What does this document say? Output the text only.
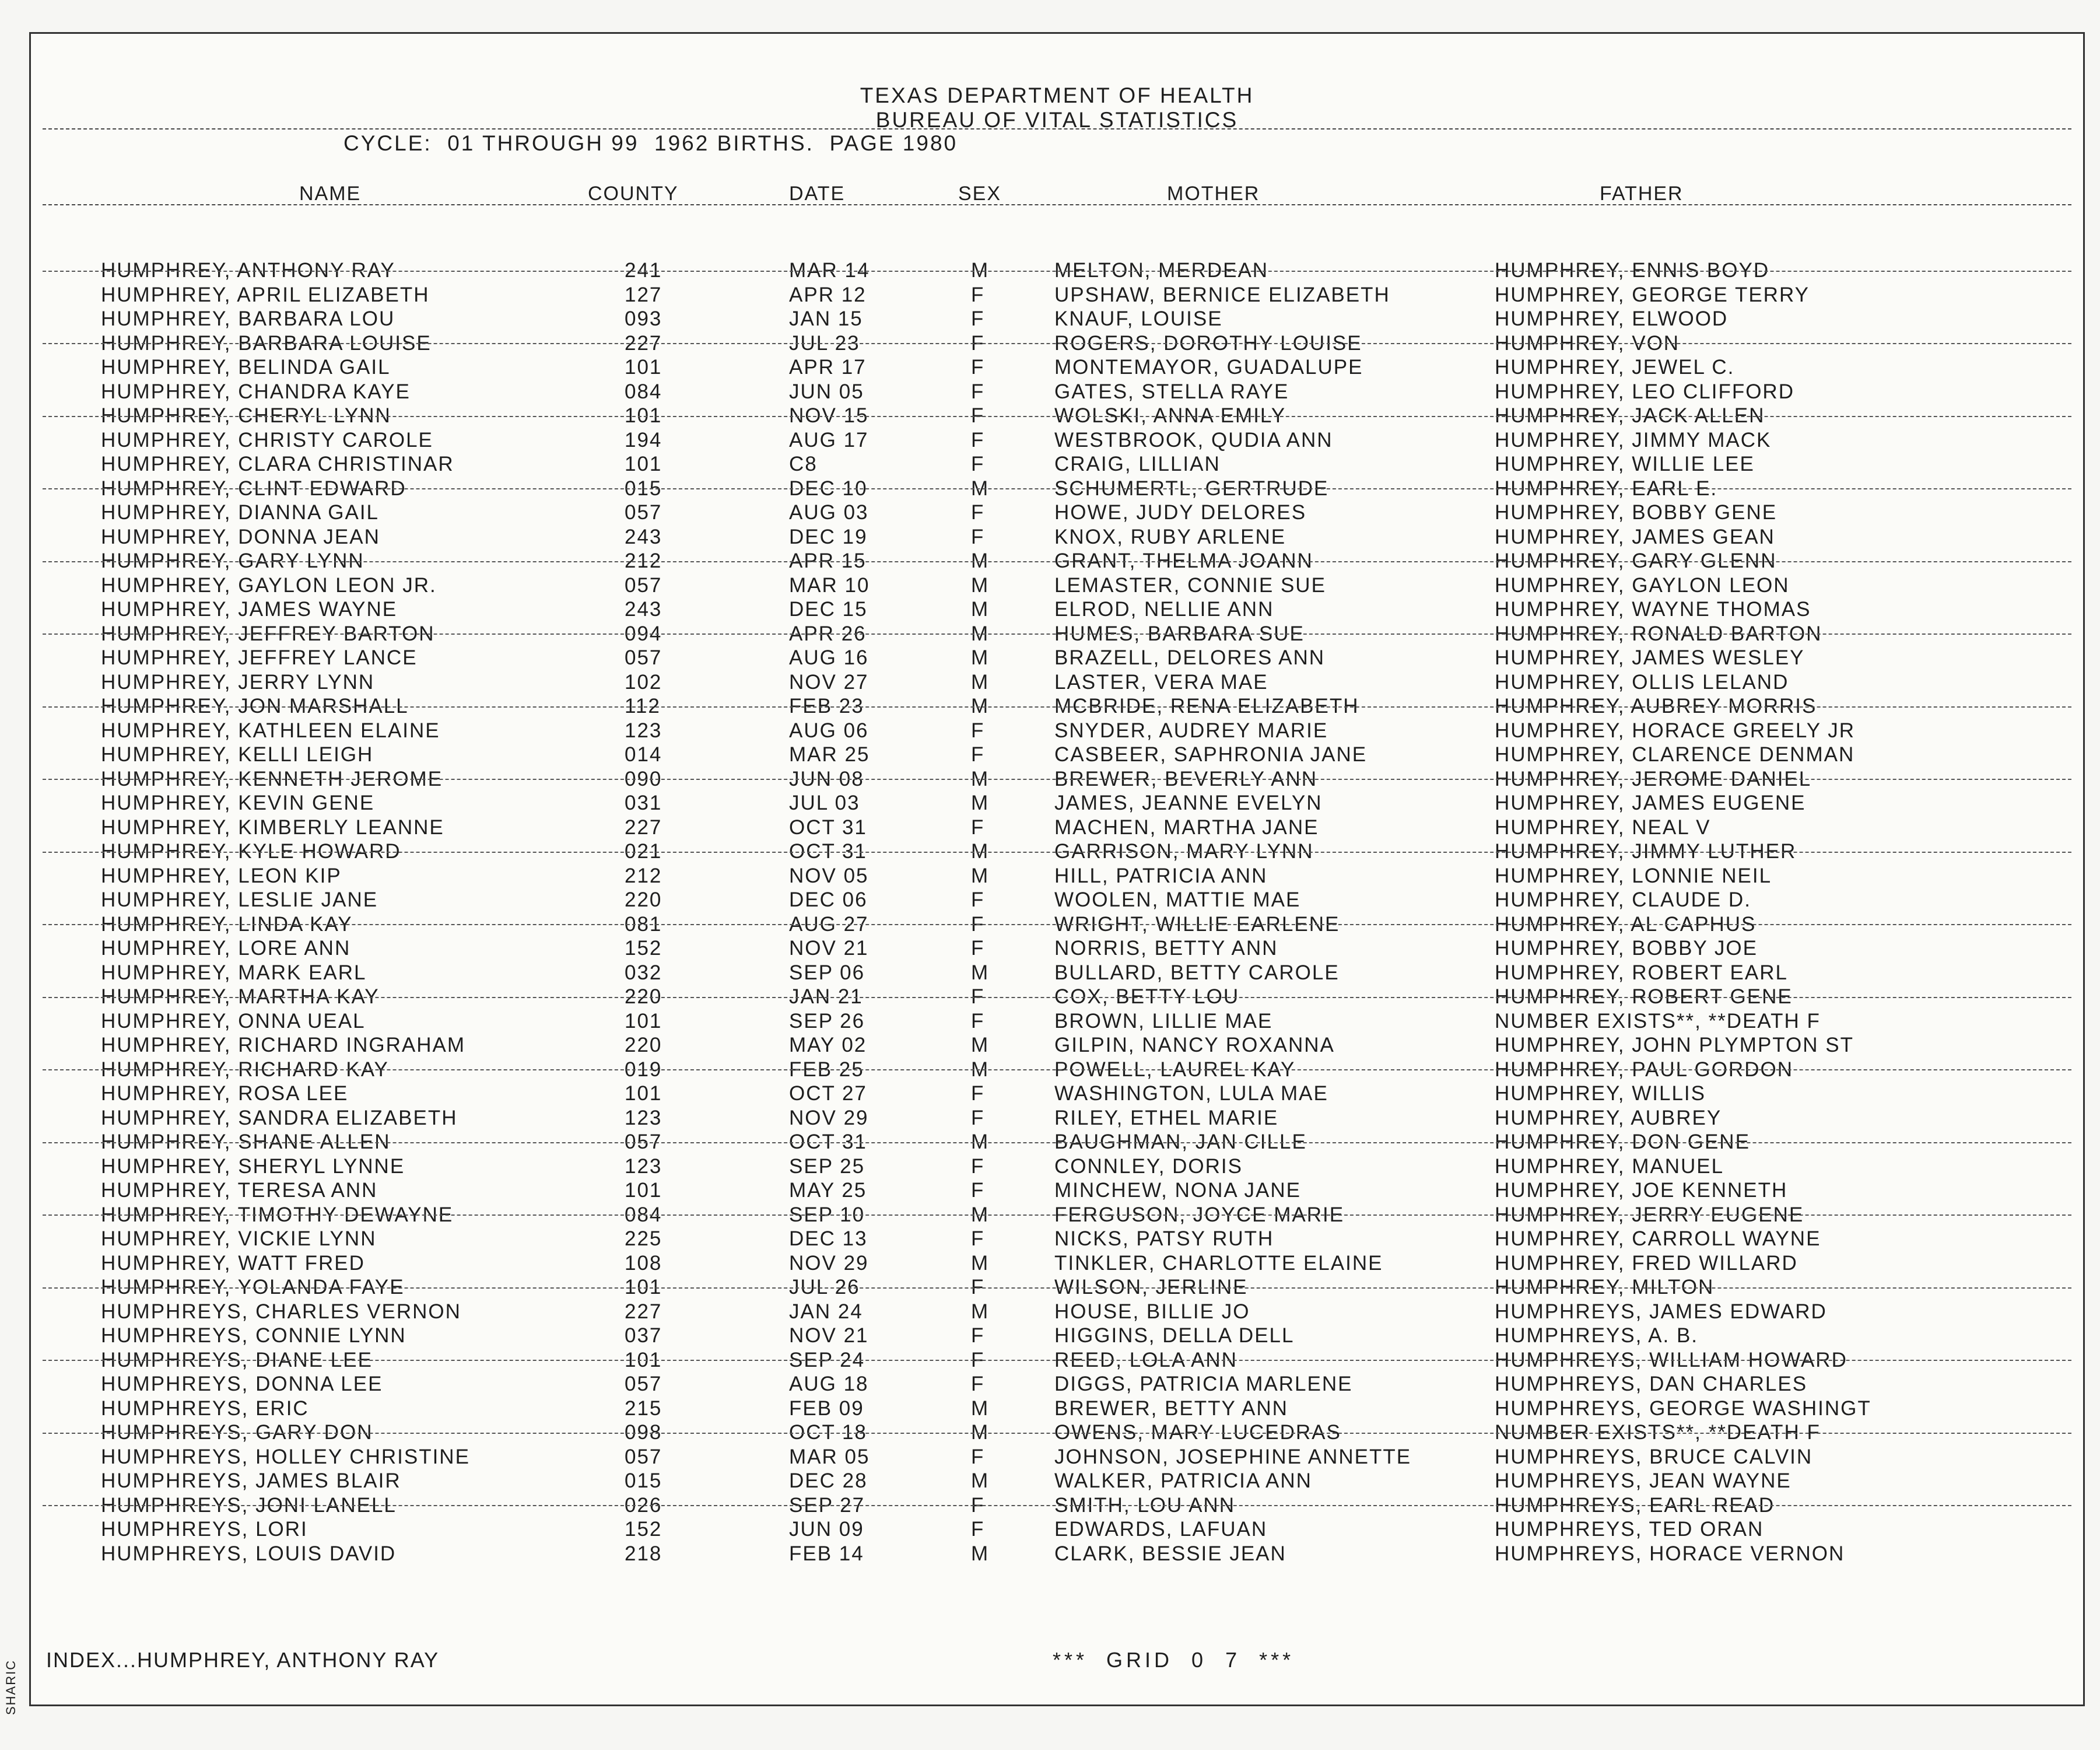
TEXAS DEPARTMENT OF HEALTH
BUREAU OF VITAL STATISTICS
CYCLE:  01 THROUGH 99  1962 BIRTHS.  PAGE 1980
NAME	COUNTY	DATE	SEX	MOTHER	FATHER
HUMPHREY, ANTHONY RAY	241	MAR 14	M	MELTON, MERDEAN	HUMPHREY, ENNIS BOYD
HUMPHREY, APRIL ELIZABETH	127	APR 12	F	UPSHAW, BERNICE ELIZABETH	HUMPHREY, GEORGE TERRY
HUMPHREY, BARBARA LOU	093	JAN 15	F	KNAUF, LOUISE	HUMPHREY, ELWOOD
HUMPHREY, BARBARA LOUISE	227	JUL 23	F	ROGERS, DOROTHY LOUISE	HUMPHREY, VON
HUMPHREY, BELINDA GAIL	101	APR 17	F	MONTEMAYOR, GUADALUPE	HUMPHREY, JEWEL C.
HUMPHREY, CHANDRA KAYE	084	JUN 05	F	GATES, STELLA RAYE	HUMPHREY, LEO CLIFFORD
HUMPHREY, CHERYL LYNN	101	NOV 15	F	WOLSKI, ANNA EMILY	HUMPHREY, JACK ALLEN
HUMPHREY, CHRISTY CAROLE	194	AUG 17	F	WESTBROOK, QUDIA ANN	HUMPHREY, JIMMY MACK
HUMPHREY, CLARA CHRISTINAR	101	C8	F	CRAIG, LILLIAN	HUMPHREY, WILLIE LEE
HUMPHREY, CLINT EDWARD	015	DEC 10	M	SCHUMERTL, GERTRUDE	HUMPHREY, EARL E.
HUMPHREY, DIANNA GAIL	057	AUG 03	F	HOWE, JUDY DELORES	HUMPHREY, BOBBY GENE
HUMPHREY, DONNA JEAN	243	DEC 19	F	KNOX, RUBY ARLENE	HUMPHREY, JAMES GEAN
HUMPHREY, GARY LYNN	212	APR 15	M	GRANT, THELMA JOANN	HUMPHREY, GARY GLENN
HUMPHREY, GAYLON LEON JR.	057	MAR 10	M	LEMASTER, CONNIE SUE	HUMPHREY, GAYLON LEON
HUMPHREY, JAMES WAYNE	243	DEC 15	M	ELROD, NELLIE ANN	HUMPHREY, WAYNE THOMAS
HUMPHREY, JEFFREY BARTON	094	APR 26	M	HUMES, BARBARA SUE	HUMPHREY, RONALD BARTON
HUMPHREY, JEFFREY LANCE	057	AUG 16	M	BRAZELL, DELORES ANN	HUMPHREY, JAMES WESLEY
HUMPHREY, JERRY LYNN	102	NOV 27	M	LASTER, VERA MAE	HUMPHREY, OLLIS LELAND
HUMPHREY, JON MARSHALL	112	FEB 23	M	MCBRIDE, RENA ELIZABETH	HUMPHREY, AUBREY MORRIS
HUMPHREY, KATHLEEN ELAINE	123	AUG 06	F	SNYDER, AUDREY MARIE	HUMPHREY, HORACE GREELY JR
HUMPHREY, KELLI LEIGH	014	MAR 25	F	CASBEER, SAPHRONIA JANE	HUMPHREY, CLARENCE DENMAN
HUMPHREY, KENNETH JEROME	090	JUN 08	M	BREWER, BEVERLY ANN	HUMPHREY, JEROME DANIEL
HUMPHREY, KEVIN GENE	031	JUL 03	M	JAMES, JEANNE EVELYN	HUMPHREY, JAMES EUGENE
HUMPHREY, KIMBERLY LEANNE	227	OCT 31	F	MACHEN, MARTHA JANE	HUMPHREY, NEAL V
HUMPHREY, KYLE HOWARD	021	OCT 31	M	GARRISON, MARY LYNN	HUMPHREY, JIMMY LUTHER
HUMPHREY, LEON KIP	212	NOV 05	M	HILL, PATRICIA ANN	HUMPHREY, LONNIE NEIL
HUMPHREY, LESLIE JANE	220	DEC 06	F	WOOLEN, MATTIE MAE	HUMPHREY, CLAUDE D.
HUMPHREY, LINDA KAY	081	AUG 27	F	WRIGHT, WILLIE EARLENE	HUMPHREY, AL CAPHUS
HUMPHREY, LORE ANN	152	NOV 21	F	NORRIS, BETTY ANN	HUMPHREY, BOBBY JOE
HUMPHREY, MARK EARL	032	SEP 06	M	BULLARD, BETTY CAROLE	HUMPHREY, ROBERT EARL
HUMPHREY, MARTHA KAY	220	JAN 21	F	COX, BETTY LOU	HUMPHREY, ROBERT GENE
HUMPHREY, ONNA UEAL	101	SEP 26	F	BROWN, LILLIE MAE	NUMBER EXISTS**, **DEATH F
HUMPHREY, RICHARD INGRAHAM	220	MAY 02	M	GILPIN, NANCY ROXANNA	HUMPHREY, JOHN PLYMPTON ST
HUMPHREY, RICHARD KAY	019	FEB 25	M	POWELL, LAUREL KAY	HUMPHREY, PAUL GORDON
HUMPHREY, ROSA LEE	101	OCT 27	F	WASHINGTON, LULA MAE	HUMPHREY, WILLIS
HUMPHREY, SANDRA ELIZABETH	123	NOV 29	F	RILEY, ETHEL MARIE	HUMPHREY, AUBREY
HUMPHREY, SHANE ALLEN	057	OCT 31	M	BAUGHMAN, JAN CILLE	HUMPHREY, DON GENE
HUMPHREY, SHERYL LYNNE	123	SEP 25	F	CONNLEY, DORIS	HUMPHREY, MANUEL
HUMPHREY, TERESA ANN	101	MAY 25	F	MINCHEW, NONA JANE	HUMPHREY, JOE KENNETH
HUMPHREY, TIMOTHY DEWAYNE	084	SEP 10	M	FERGUSON, JOYCE MARIE	HUMPHREY, JERRY EUGENE
HUMPHREY, VICKIE LYNN	225	DEC 13	F	NICKS, PATSY RUTH	HUMPHREY, CARROLL WAYNE
HUMPHREY, WATT FRED	108	NOV 29	M	TINKLER, CHARLOTTE ELAINE	HUMPHREY, FRED WILLARD
HUMPHREY, YOLANDA FAYE	101	JUL 26	F	WILSON, JERLINE	HUMPHREY, MILTON
HUMPHREYS, CHARLES VERNON	227	JAN 24	M	HOUSE, BILLIE JO	HUMPHREYS, JAMES EDWARD
HUMPHREYS, CONNIE LYNN	037	NOV 21	F	HIGGINS, DELLA DELL	HUMPHREYS, A. B.
HUMPHREYS, DIANE LEE	101	SEP 24	F	REED, LOLA ANN	HUMPHREYS, WILLIAM HOWARD
HUMPHREYS, DONNA LEE	057	AUG 18	F	DIGGS, PATRICIA MARLENE	HUMPHREYS, DAN CHARLES
HUMPHREYS, ERIC	215	FEB 09	M	BREWER, BETTY ANN	HUMPHREYS, GEORGE WASHINGT
HUMPHREYS, GARY DON	098	OCT 18	M	OWENS, MARY LUCEDRAS	NUMBER EXISTS**, **DEATH F
HUMPHREYS, HOLLEY CHRISTINE	057	MAR 05	F	JOHNSON, JOSEPHINE ANNETTE	HUMPHREYS, BRUCE CALVIN
HUMPHREYS, JAMES BLAIR	015	DEC 28	M	WALKER, PATRICIA ANN	HUMPHREYS, JEAN WAYNE
HUMPHREYS, JONI LANELL	026	SEP 27	F	SMITH, LOU ANN	HUMPHREYS, EARL READ
HUMPHREYS, LORI	152	JUN 09	F	EDWARDS, LAFUAN	HUMPHREYS, TED ORAN
HUMPHREYS, LOUIS DAVID	218	FEB 14	M	CLARK, BESSIE JEAN	HUMPHREYS, HORACE VERNON
INDEX...HUMPHREY, ANTHONY RAY	***  GRID  0  7  ***
SHARIC
